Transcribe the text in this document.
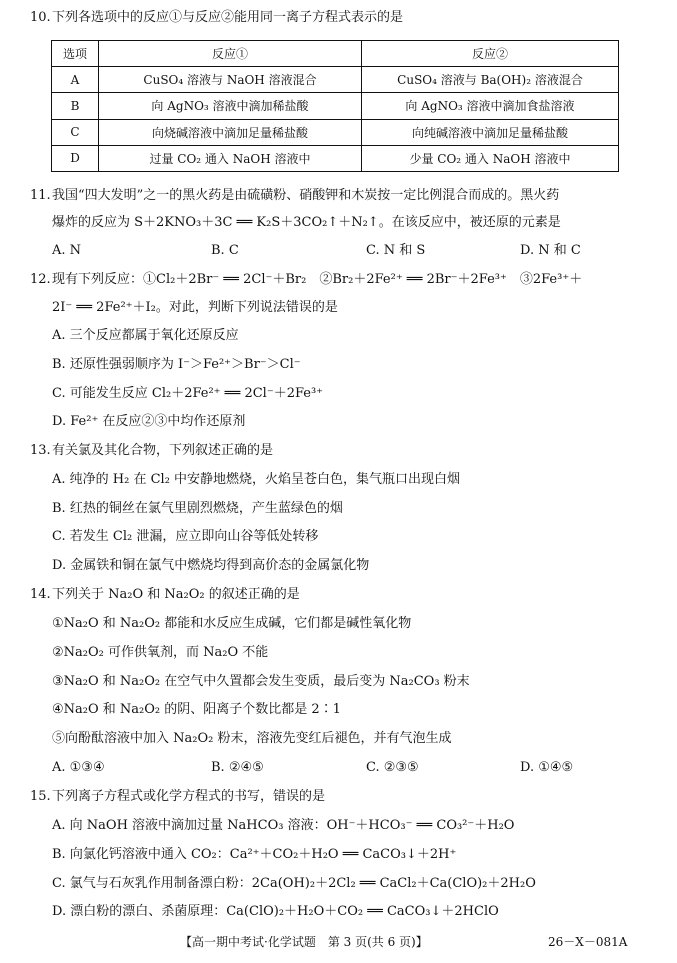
10. 下列各选项中的反应①与反应②能用同一离子方程式表示的是
选项	反应①	反应②
A	CuSO₄ 溶液与 NaOH 溶液混合	CuSO₄ 溶液与 Ba(OH)₂ 溶液混合
B	向 AgNO₃ 溶液中滴加稀盐酸	向 AgNO₃ 溶液中滴加食盐溶液
C	向烧碱溶液中滴加足量稀盐酸	向纯碱溶液中滴加足量稀盐酸
D	过量 CO₂ 通入 NaOH 溶液中	少量 CO₂ 通入 NaOH 溶液中
11. 我国“四大发明”之一的黑火药是由硫磺粉、硝酸钾和木炭按一定比例混合而成的。黑火药
爆炸的反应为 S＋2KNO₃＋3C ══ K₂S＋3CO₂↑＋N₂↑。在该反应中，被还原的元素是
A. N	B. C	C. N 和 S	D. N 和 C
12. 现有下列反应：①Cl₂＋2Br⁻ ══ 2Cl⁻＋Br₂　②Br₂＋2Fe²⁺ ══ 2Br⁻＋2Fe³⁺　③2Fe³⁺＋
2I⁻ ══ 2Fe²⁺＋I₂。对此，判断下列说法错误的是
A. 三个反应都属于氧化还原反应
B. 还原性强弱顺序为 I⁻＞Fe²⁺＞Br⁻＞Cl⁻
C. 可能发生反应 Cl₂＋2Fe²⁺ ══ 2Cl⁻＋2Fe³⁺
D. Fe²⁺ 在反应②③中均作还原剂
13. 有关氯及其化合物，下列叙述正确的是
A. 纯净的 H₂ 在 Cl₂ 中安静地燃烧，火焰呈苍白色，集气瓶口出现白烟
B. 红热的铜丝在氯气里剧烈燃烧，产生蓝绿色的烟
C. 若发生 Cl₂ 泄漏，应立即向山谷等低处转移
D. 金属铁和铜在氯气中燃烧均得到高价态的金属氯化物
14. 下列关于 Na₂O 和 Na₂O₂ 的叙述正确的是
①Na₂O 和 Na₂O₂ 都能和水反应生成碱，它们都是碱性氧化物
②Na₂O₂ 可作供氧剂，而 Na₂O 不能
③Na₂O 和 Na₂O₂ 在空气中久置都会发生变质，最后变为 Na₂CO₃ 粉末
④Na₂O 和 Na₂O₂ 的阴、阳离子个数比都是 2∶1
⑤向酚酞溶液中加入 Na₂O₂ 粉末，溶液先变红后褪色，并有气泡生成
A. ①③④	B. ②④⑤	C. ②③⑤	D. ①④⑤
15. 下列离子方程式或化学方程式的书写，错误的是
A. 向 NaOH 溶液中滴加过量 NaHCO₃ 溶液：OH⁻＋HCO₃⁻ ══ CO₃²⁻＋H₂O
B. 向氯化钙溶液中通入 CO₂：Ca²⁺＋CO₂＋H₂O ══ CaCO₃↓＋2H⁺
C. 氯气与石灰乳作用制备漂白粉：2Ca(OH)₂＋2Cl₂ ══ CaCl₂＋Ca(ClO)₂＋2H₂O
D. 漂白粉的漂白、杀菌原理：Ca(ClO)₂＋H₂O＋CO₂ ══ CaCO₃↓＋2HClO
【高一期中考试·化学试题　第 3 页(共 6 页)】	26－X－081A
